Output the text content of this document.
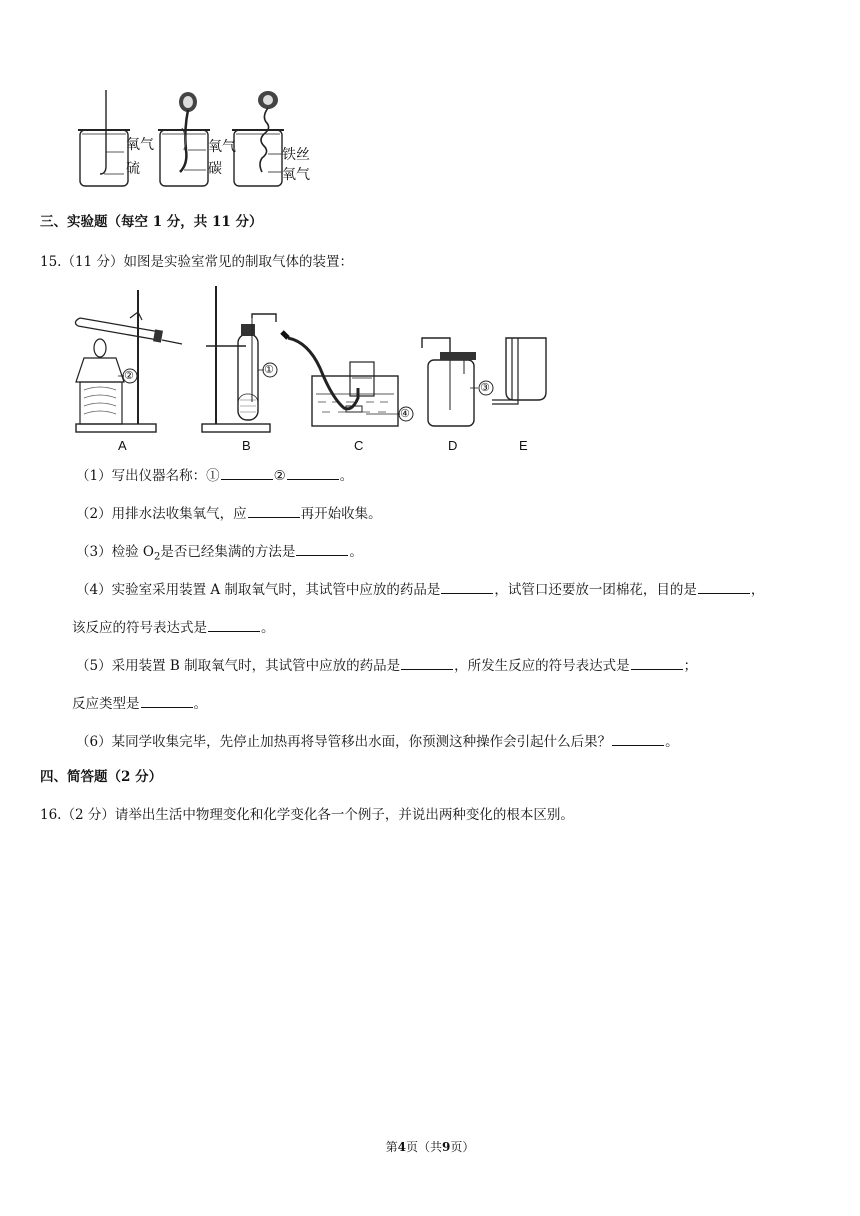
氧气
硫
氧气
碳
铁丝
氧气
三、实验题（每空 1 分，共 11 分）
15.（11 分）如图是实验室常见的制取气体的装置：
①
②
③
④
A	B	C	D	E
（1）写出仪器名称：①	②	。
（2）用排水法收集氧气，应	再开始收集。
（3）检验 $O_2$是否已经集满的方法是	。
（4）实验室采用装置 A 制取氧气时，其试管中应放的药品是	，试管口还要放一团棉花，目的是	，
该反应的符号表达式是	。
（5）采用装置 B 制取氧气时，其试管中应放的药品是	，所发生反应的符号表达式是	；
反应类型是	。
（6）某同学收集完毕，先停止加热再将导管移出水面，你预测这种操作会引起什么后果？	。
四、简答题（2 分）
16.（2 分）请举出生活中物理变化和化学变化各一个例子，并说出两种变化的根本区别。
第4页（共9页）
